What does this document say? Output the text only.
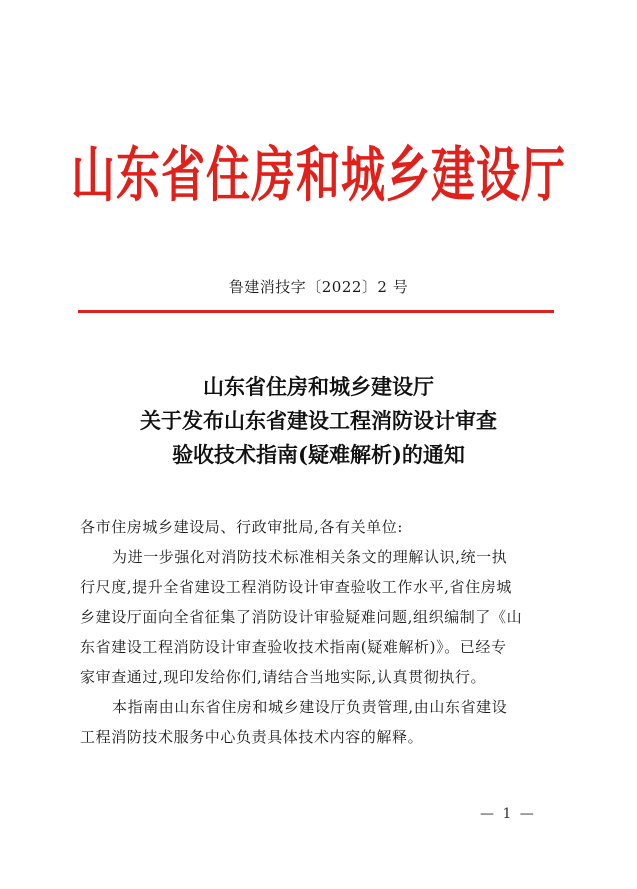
山东省住房和城乡建设厅
鲁建消技字〔2022〕2 号
山东省住房和城乡建设厅
关于发布山东省建设工程消防设计审查
验收技术指南(疑难解析)的通知
各市住房城乡建设局、行政审批局,各有关单位:
为进一步强化对消防技术标准相关条文的理解认识,统一执
行尺度,提升全省建设工程消防设计审查验收工作水平,省住房城
乡建设厅面向全省征集了消防设计审验疑难问题,组织编制了《山
东省建设工程消防设计审查验收技术指南(疑难解析)》。已经专
家审查通过,现印发给你们,请结合当地实际,认真贯彻执行。
本指南由山东省住房和城乡建设厅负责管理,由山东省建设
工程消防技术服务中心负责具体技术内容的解释。
— 1 —
